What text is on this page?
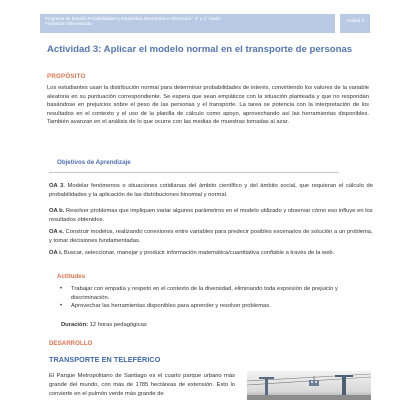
Programa de Estudio Probabilidades y Estadística Descriptiva e Inferencial · 3° y 4° medio
Formación Diferenciada
Unidad 3
Actividad 3: Aplicar el modelo normal en el transporte de personas
PROPÓSITO
Los estudiantes usan la distribución normal para determinar probabilidades de interés, convirtiendo los valores de la variable aleatoria en su puntuación correspondiente. Se espera que sean empáticos con la situación planteada y que no respondan basándose en prejuicios sobre el peso de las personas y el transporte. La tarea se potencia con la interpretación de los resultados en el contexto y el uso de la planilla de cálculo como apoyo, aprovechando así las herramientas disponibles. También avanzan en el análisis de lo que ocurre con las medias de muestras tomadas al azar.
Objetivos de Aprendizaje
OA 3. Modelar fenómenos o situaciones cotidianas del ámbito científico y del ámbito social, que requieran el cálculo de probabilidades y la aplicación de las distribuciones binomial y normal.
OA b. Resolver problemas que impliquen variar algunos parámetros en el modelo utilizado y observar cómo eso influye en los resultados obtenidos.
OA e. Construir modelos, realizando conexiones entre variables para predecir posibles escenarios de solución a un problema, y tomar decisiones fundamentadas.
OA i. Buscar, seleccionar, manejar y producir información matemática/cuantitativa confiable a través de la web.
Actitudes
• Trabajar con empatía y respeto en el contexto de la diversidad, eliminando toda expresión de prejuicio y discriminación.
• Aprovechar las herramientas disponibles para aprender y resolver problemas.
Duración: 12 horas pedagógicas
DESARROLLO
TRANSPORTE EN TELEFÉRICO
El Parque Metropolitano de Santiago es el cuarto parque urbano más grande del mundo, con más de 1785 hectáreas de extensión. Esto lo convierte en el pulmón verde más grande de
